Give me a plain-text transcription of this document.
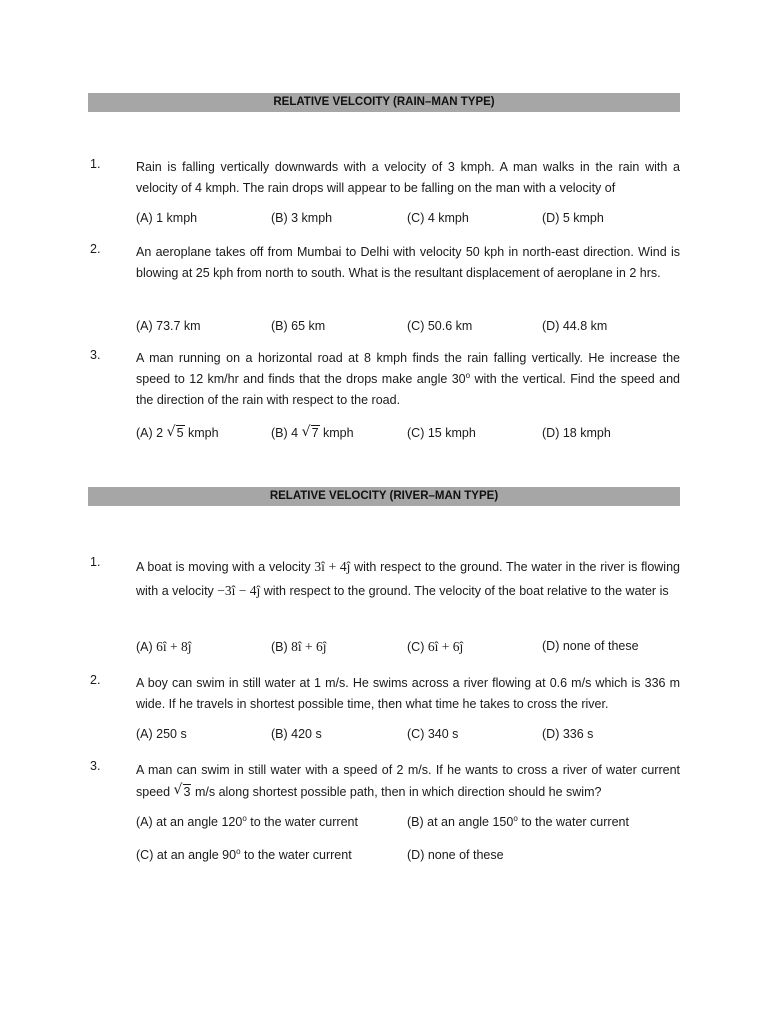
RELATIVE VELCOITY (RAIN–MAN TYPE)
1.	Rain is falling vertically downwards with a velocity of 3 kmph. A man walks in the rain with a velocity of 4 kmph. The rain drops will appear to be falling on the man with a velocity of
(A) 1 kmph	(B) 3 kmph	(C) 4 kmph	(D) 5 kmph
2.	An aeroplane takes off from Mumbai to Delhi with velocity 50 kph in north-east direction. Wind is blowing at 25 kph from north to south. What is the resultant displacement of aeroplane in 2 hrs.
(A) 73.7 km	(B) 65 km	(C) 50.6 km	(D) 44.8 km
3.	A man running on a horizontal road at 8 kmph finds the rain falling vertically. He increase the speed to 12 km/hr and finds that the drops make angle 30$^o$ with the vertical. Find the speed and the direction of the rain with respect to the road.
(A) 2 √ 5 kmph	(B) 4 √ 7 kmph	(C) 15 kmph	(D) 18 kmph
RELATIVE VELOCITY (RIVER–MAN TYPE)
1.	A boat is moving with a velocity 3î + 4ĵ with respect to the ground. The water in the river is flowing with a velocity −3î − 4ĵ with respect to the ground. The velocity of the boat relative to the water is
(A) 6î + 8ĵ	(B) 8î + 6ĵ	(C) 6î + 6ĵ	(D) none of these
2.	A boy can swim in still water at 1 m/s. He swims across a river flowing at 0.6 m/s which is 336 m wide. If he travels in shortest possible time, then what time he takes to cross the river.
(A) 250 s	(B) 420 s	(C) 340 s	(D) 336 s
3.	A man can swim in still water with a speed of 2 m/s. If he wants to cross a river of water current speed √ 3 m/s along shortest possible path, then in which direction should he swim?
(A) at an angle 120$^o$ to the water current	(B) at an angle 150$^o$ to the water current
(C) at an angle 90$^o$ to the water current	(D) none of these
